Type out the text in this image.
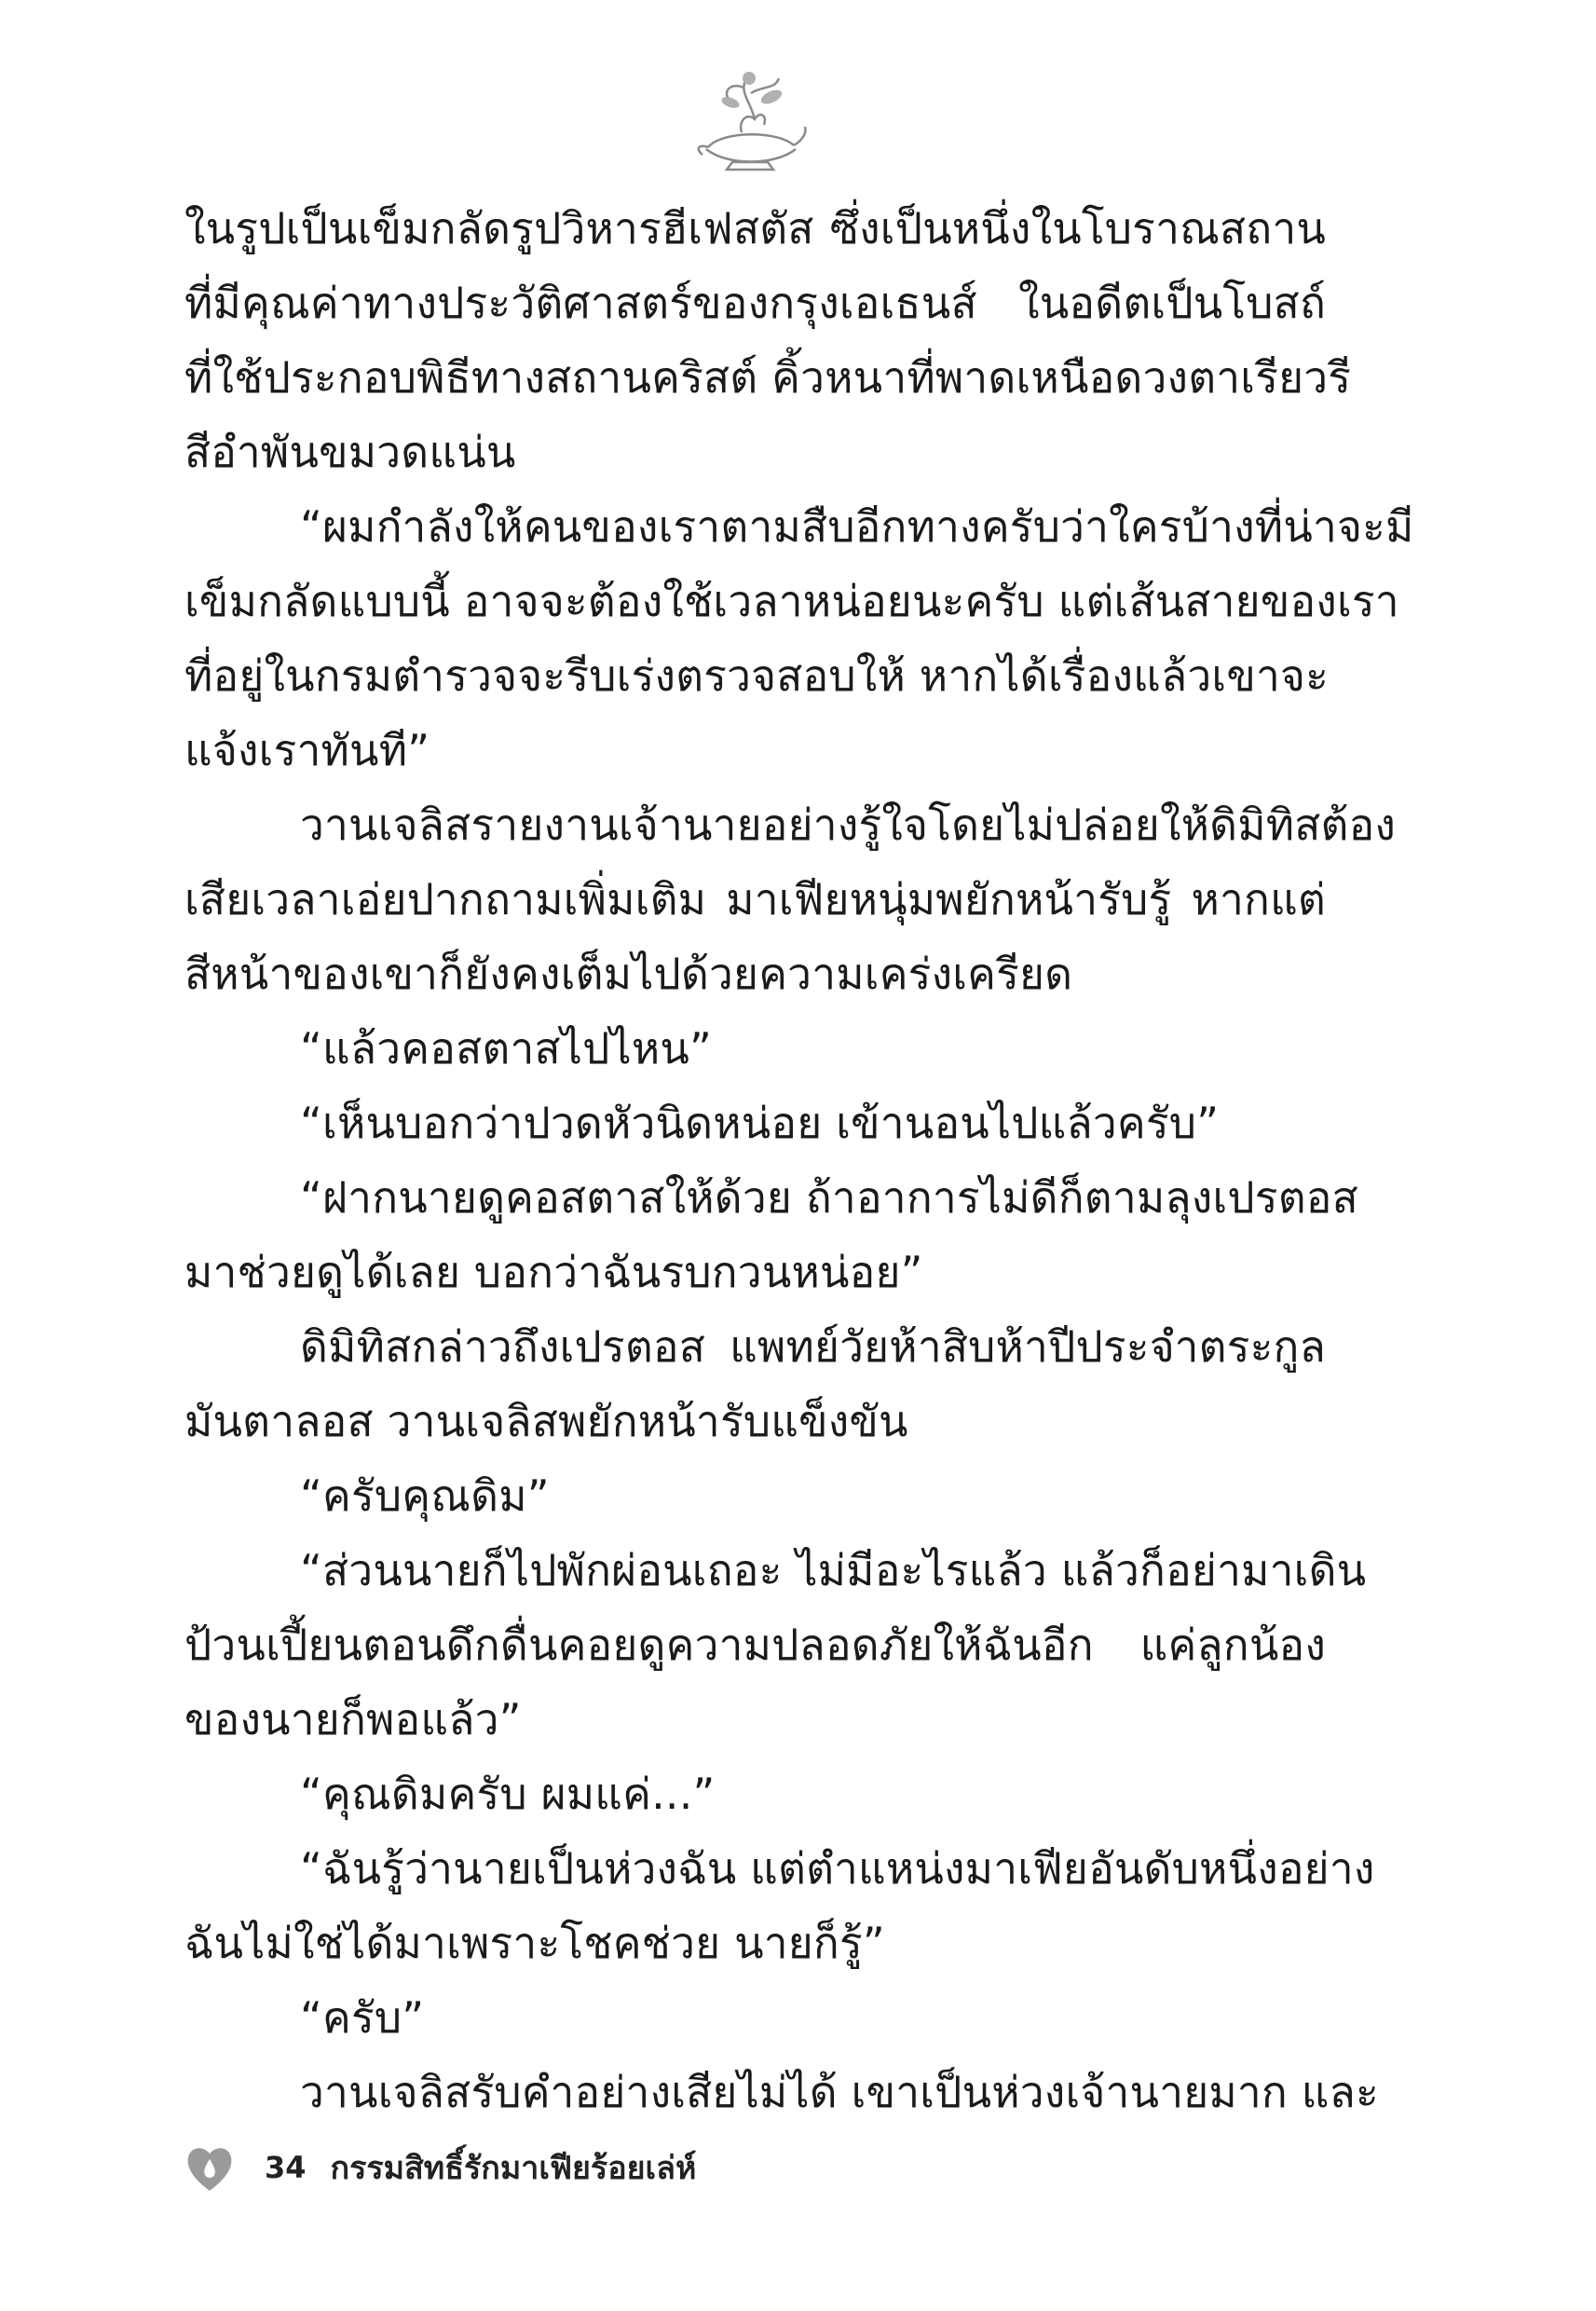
ในรูปเป็นเข็มกลัดรูปวิหารฮีเฟสตัส ซึ่งเป็นหนึ่งในโบราณสถาน
ที่มีคุณค่าทางประวัติศาสตร์ของกรุงเอเธนส์ ในอดีตเป็นโบสถ์
ที่ใช้ประกอบพิธีทางสถานคริสต์ คิ้วหนาที่พาดเหนือดวงตาเรียวรี
สีอำพันขมวดแน่น
“ผมกำลังให้คนของเราตามสืบอีกทางครับว่าใครบ้างที่น่าจะมี
เข็มกลัดแบบนี้ อาจจะต้องใช้เวลาหน่อยนะครับ แต่เส้นสายของเรา
ที่อยู่ในกรมตำรวจจะรีบเร่งตรวจสอบให้ หากได้เรื่องแล้วเขาจะ
แจ้งเราทันที”
วานเจลิสรายงานเจ้านายอย่างรู้ใจโดยไม่ปล่อยให้ดิมิทิสต้อง
เสียเวลาเอ่ยปากถามเพิ่มเติม มาเฟียหนุ่มพยักหน้ารับรู้ หากแต่
สีหน้าของเขาก็ยังคงเต็มไปด้วยความเคร่งเครียด
“แล้วคอสตาสไปไหน”
“เห็นบอกว่าปวดหัวนิดหน่อย เข้านอนไปแล้วครับ”
“ฝากนายดูคอสตาสให้ด้วย ถ้าอาการไม่ดีก็ตามลุงเปรตอส
มาช่วยดูได้เลย บอกว่าฉันรบกวนหน่อย”
ดิมิทิสกล่าวถึงเปรตอส แพทย์วัยห้าสิบห้าปีประจำตระกูล
มันตาลอส วานเจลิสพยักหน้ารับแข็งขัน
“ครับคุณดิม”
“ส่วนนายก็ไปพักผ่อนเถอะ ไม่มีอะไรแล้ว แล้วก็อย่ามาเดิน
ป้วนเปี้ยนตอนดึกดื่นคอยดูความปลอดภัยให้ฉันอีก แค่ลูกน้อง
ของนายก็พอแล้ว”
“คุณดิมครับ ผมแค่...”
“ฉันรู้ว่านายเป็นห่วงฉัน แต่ตำแหน่งมาเฟียอันดับหนึ่งอย่าง
ฉันไม่ใช่ได้มาเพราะโชคช่วย นายก็รู้”
“ครับ”
วานเจลิสรับคำอย่างเสียไม่ได้ เขาเป็นห่วงเจ้านายมาก และ
34 กรรมสิทธิ์รักมาเฟียร้อยเล่ห์
